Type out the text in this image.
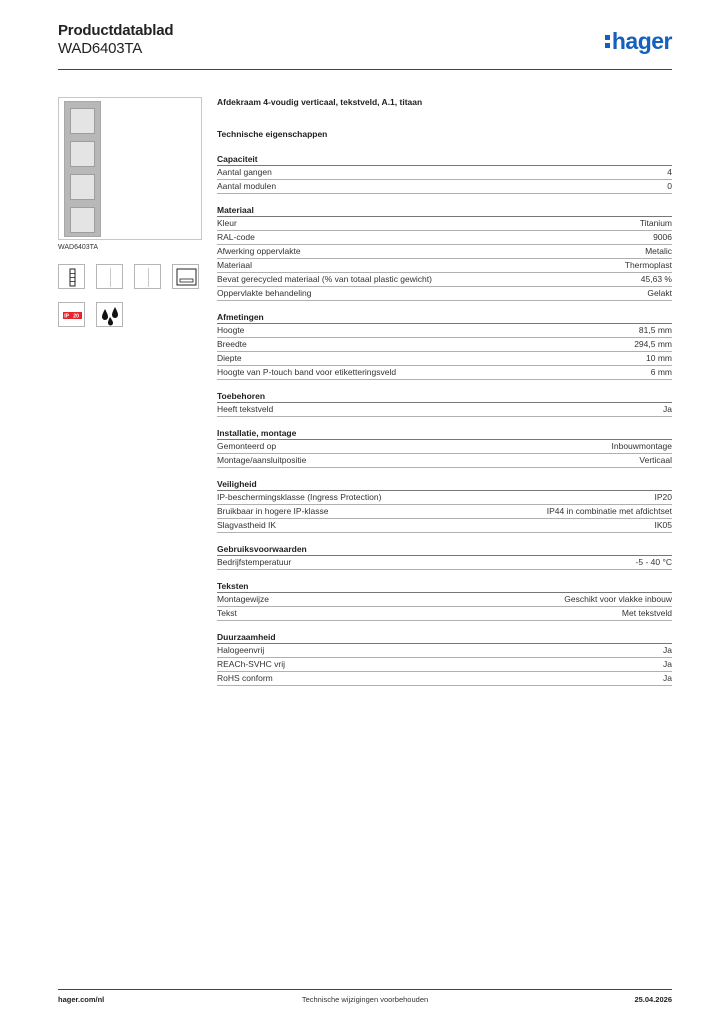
Productdatablad
WAD6403TA	hager
WAD6403TA
IP 20
Afdekraam 4-voudig verticaal, tekstveld, A.1, titaan
Technische eigenschappen
Capaciteit
Aantal gangen	4
Aantal modulen	0
Materiaal
Kleur	Titanium
RAL-code	9006
Afwerking oppervlakte	Metalic
Materiaal	Thermoplast
Bevat gerecycled materiaal (% van totaal plastic gewicht)	45,63 %
Oppervlakte behandeling	Gelakt
Afmetingen
Hoogte	81,5 mm
Breedte	294,5 mm
Diepte	10 mm
Hoogte van P-touch band voor etiketteringsveld	6 mm
Toebehoren
Heeft tekstveld	Ja
Installatie, montage
Gemonteerd op	Inbouwmontage
Montage/aansluitpositie	Verticaal
Veiligheid
IP-beschermingsklasse (Ingress Protection)	IP20
Bruikbaar in hogere IP-klasse	IP44 in combinatie met afdichtset
Slagvastheid IK	IK05
Gebruiksvoorwaarden
Bedrijfstemperatuur	-5 - 40 °C
Teksten
Montagewijze	Geschikt voor vlakke inbouw
Tekst	Met tekstveld
Duurzaamheid
Halogeenvrij	Ja
REACh-SVHC vrij	Ja
RoHS conform	Ja
hager.com/nl	Technische wijzigingen voorbehouden	25.04.2026
